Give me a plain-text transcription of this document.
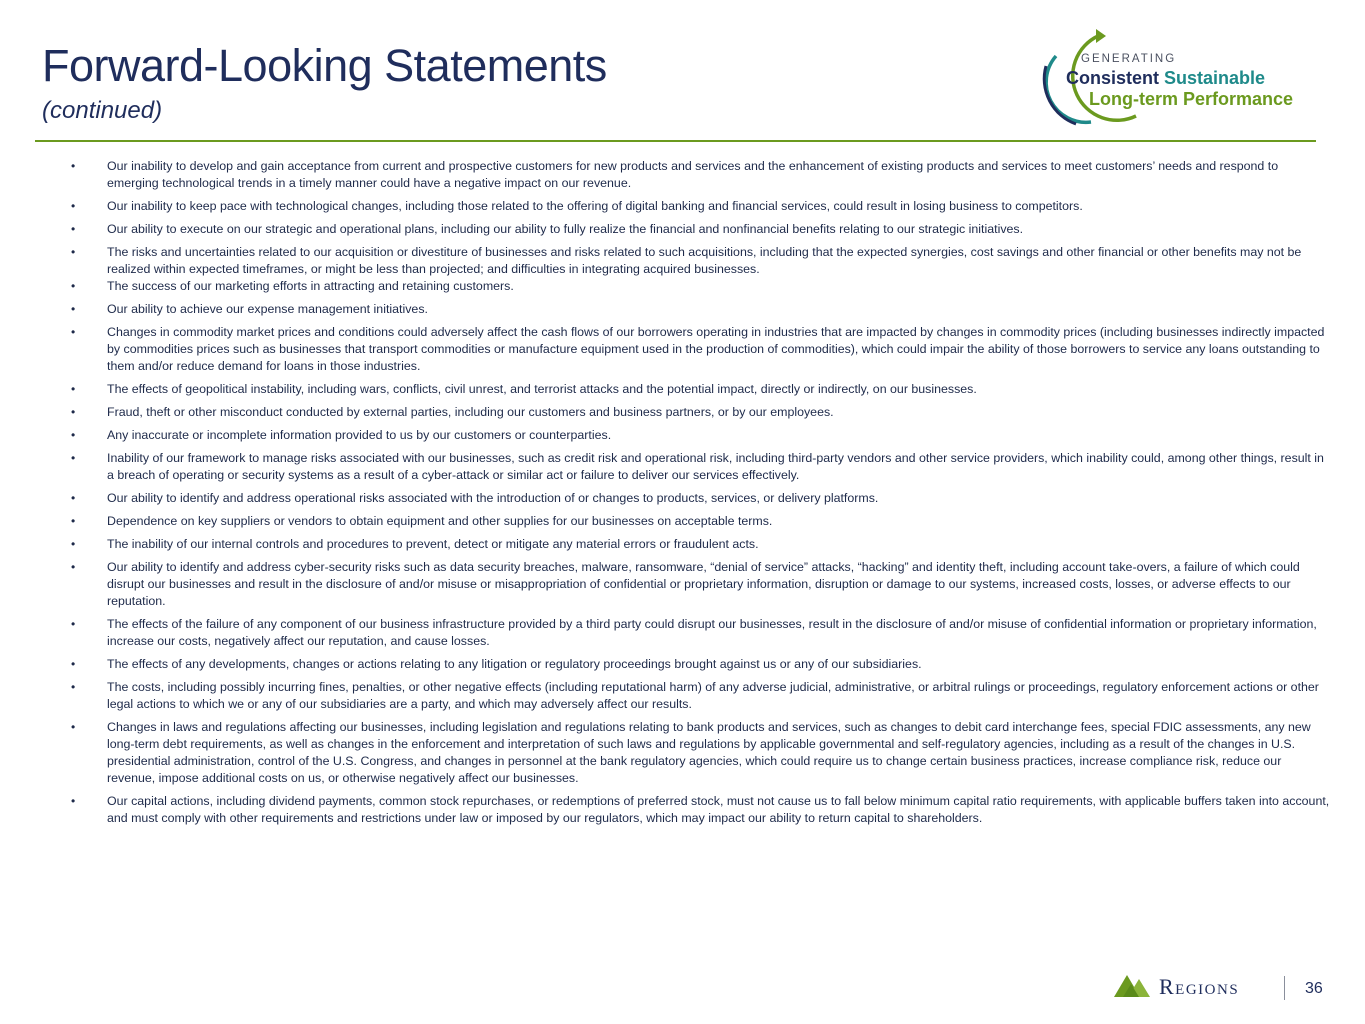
Forward-Looking Statements
(continued)
GENERATING
Consistent Sustainable
Long-term Performance
• Our inability to develop and gain acceptance from current and prospective customers for new products and services and the enhancement of existing products and services to meet customers’ needs and respond to emerging technological trends in a timely manner could have a negative impact on our revenue.
• Our inability to keep pace with technological changes, including those related to the offering of digital banking and financial services, could result in losing business to competitors.
• Our ability to execute on our strategic and operational plans, including our ability to fully realize the financial and nonfinancial benefits relating to our strategic initiatives.
• The risks and uncertainties related to our acquisition or divestiture of businesses and risks related to such acquisitions, including that the expected synergies, cost savings and other financial or other benefits may not be realized within expected timeframes, or might be less than projected; and difficulties in integrating acquired businesses.
• The success of our marketing efforts in attracting and retaining customers.
• Our ability to achieve our expense management initiatives.
• Changes in commodity market prices and conditions could adversely affect the cash flows of our borrowers operating in industries that are impacted by changes in commodity prices (including businesses indirectly impacted by commodities prices such as businesses that transport commodities or manufacture equipment used in the production of commodities), which could impair the ability of those borrowers to service any loans outstanding to them and/or reduce demand for loans in those industries.
• The effects of geopolitical instability, including wars, conflicts, civil unrest, and terrorist attacks and the potential impact, directly or indirectly, on our businesses.
• Fraud, theft or other misconduct conducted by external parties, including our customers and business partners, or by our employees.
• Any inaccurate or incomplete information provided to us by our customers or counterparties.
• Inability of our framework to manage risks associated with our businesses, such as credit risk and operational risk, including third-party vendors and other service providers, which inability could, among other things, result in a breach of operating or security systems as a result of a cyber-attack or similar act or failure to deliver our services effectively.
• Our ability to identify and address operational risks associated with the introduction of or changes to products, services, or delivery platforms.
• Dependence on key suppliers or vendors to obtain equipment and other supplies for our businesses on acceptable terms.
• The inability of our internal controls and procedures to prevent, detect or mitigate any material errors or fraudulent acts.
• Our ability to identify and address cyber-security risks such as data security breaches, malware, ransomware, “denial of service” attacks, “hacking” and identity theft, including account take-overs, a failure of which could disrupt our businesses and result in the disclosure of and/or misuse or misappropriation of confidential or proprietary information, disruption or damage to our systems, increased costs, losses, or adverse effects to our reputation.
• The effects of the failure of any component of our business infrastructure provided by a third party could disrupt our businesses, result in the disclosure of and/or misuse of confidential information or proprietary information, increase our costs, negatively affect our reputation, and cause losses.
• The effects of any developments, changes or actions relating to any litigation or regulatory proceedings brought against us or any of our subsidiaries.
• The costs, including possibly incurring fines, penalties, or other negative effects (including reputational harm) of any adverse judicial, administrative, or arbitral rulings or proceedings, regulatory enforcement actions or other legal actions to which we or any of our subsidiaries are a party, and which may adversely affect our results.
• Changes in laws and regulations affecting our businesses, including legislation and regulations relating to bank products and services, such as changes to debit card interchange fees, special FDIC assessments, any new long-term debt requirements, as well as changes in the enforcement and interpretation of such laws and regulations by applicable governmental and self-regulatory agencies, including as a result of the changes in U.S. presidential administration, control of the U.S. Congress, and changes in personnel at the bank regulatory agencies, which could require us to change certain business practices, increase compliance risk, reduce our revenue, impose additional costs on us, or otherwise negatively affect our businesses.
• Our capital actions, including dividend payments, common stock repurchases, or redemptions of preferred stock, must not cause us to fall below minimum capital ratio requirements, with applicable buffers taken into account, and must comply with other requirements and restrictions under law or imposed by our regulators, which may impact our ability to return capital to shareholders.
Regions	36
